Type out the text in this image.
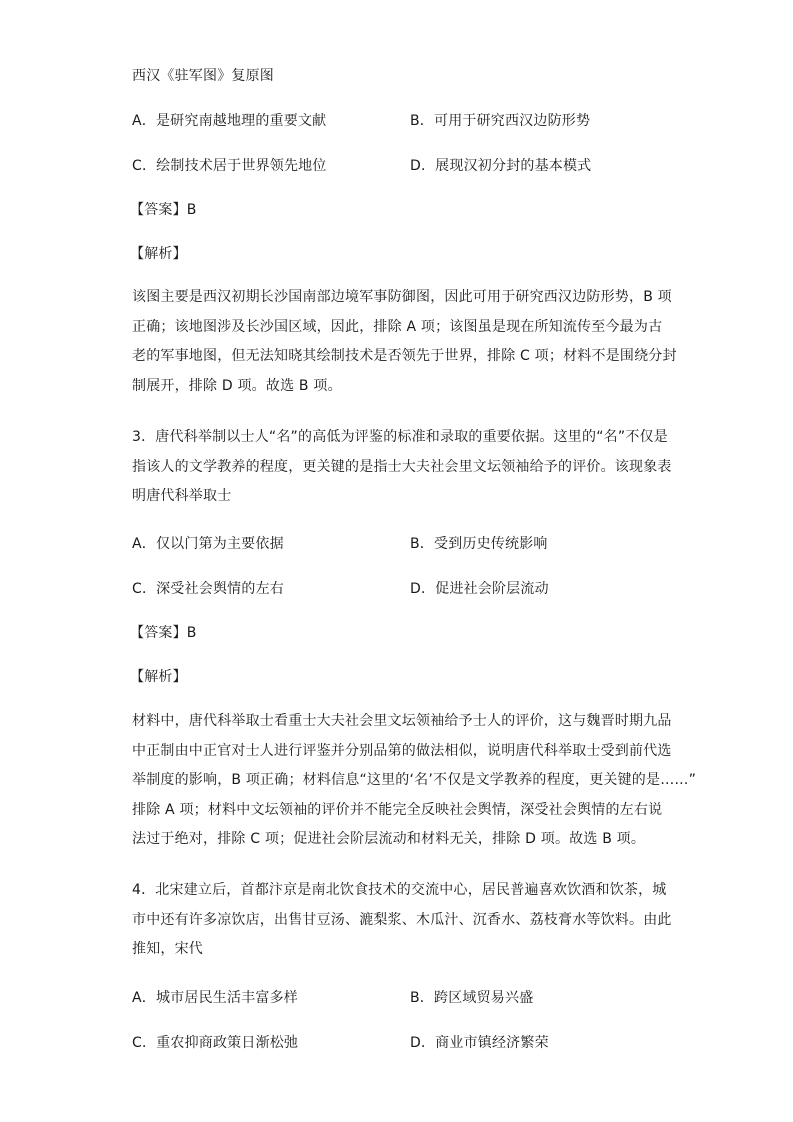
西汉《驻军图》复原图
A．是研究南越地理的重要文献	B．可用于研究西汉边防形势
C．绘制技术居于世界领先地位	D．展现汉初分封的基本模式
【答案】B
【解析】
该图主要是西汉初期长沙国南部边境军事防御图，因此可用于研究西汉边防形势，B 项
正确；该地图涉及长沙国区域，因此，排除 A 项；该图虽是现在所知流传至今最为古
老的军事地图，但无法知晓其绘制技术是否领先于世界，排除 C 项；材料不是围绕分封
制展开，排除 D 项。故选 B 项。
3．唐代科举制以士人“名”的高低为评鉴的标准和录取的重要依据。这里的“名”不仅是
指该人的文学教养的程度，更关键的是指士大夫社会里文坛领袖给予的评价。该现象表
明唐代科举取士
A．仅以门第为主要依据	B．受到历史传统影响
C．深受社会舆情的左右	D．促进社会阶层流动
【答案】B
【解析】
材料中，唐代科举取士看重士大夫社会里文坛领袖给予士人的评价，这与魏晋时期九品
中正制由中正官对士人进行评鉴并分别品第的做法相似，说明唐代科举取士受到前代选
举制度的影响，B 项正确；材料信息“这里的‘名’不仅是文学教养的程度，更关键的是……”
排除 A 项；材料中文坛领袖的评价并不能完全反映社会舆情，深受社会舆情的左右说
法过于绝对，排除 C 项；促进社会阶层流动和材料无关，排除 D 项。故选 B 项。
4．北宋建立后，首都汴京是南北饮食技术的交流中心，居民普遍喜欢饮酒和饮茶，城
市中还有许多凉饮店，出售甘豆汤、漉梨浆、木瓜汁、沉香水、荔枝膏水等饮料。由此
推知，宋代
A．城市居民生活丰富多样	B．跨区域贸易兴盛
C．重农抑商政策日渐松弛	D．商业市镇经济繁荣
